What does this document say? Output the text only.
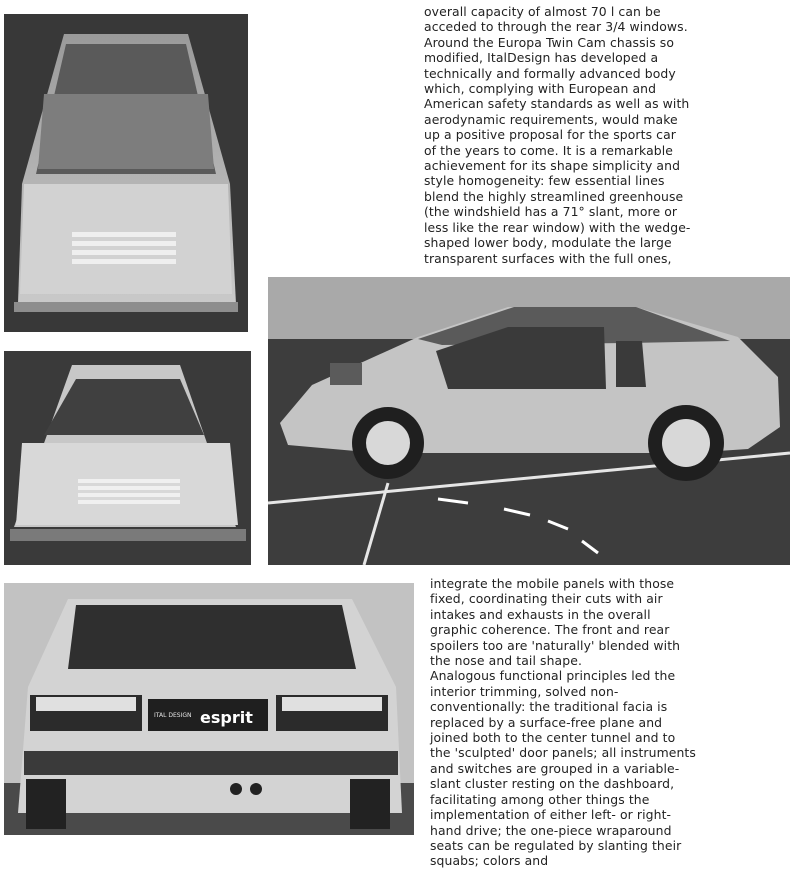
ITAL DESIGN esprit

overall capacity of almost 70 l can be acceded to through the rear 3/4 windows.

Around the Europa Twin Cam chassis so modified, ItalDesign has developed a technically and formally advanced body which, complying with European and American safety standards as well as with aerodynamic requirements, would make up a positive proposal for the sports car of the years to come. It is a remarkable achievement for its shape simplicity and style homogeneity: few essential lines blend the highly streamlined greenhouse (the windshield has a 71° slant, more or less like the rear window) with the wedge-shaped lower body, modulate the large transparent surfaces with the full ones,

integrate the mobile panels with those fixed, coordinating their cuts with air intakes and exhausts in the overall graphic coherence. The front and rear spoilers too are 'naturally' blended with the nose and tail shape.

Analogous functional principles led the interior trimming, solved non-conventionally: the traditional facia is replaced by a surface-free plane and joined both to the center tunnel and to the 'sculpted' door panels; all instruments and switches are grouped in a variable-slant cluster resting on the dashboard, facilitating among other things the implementation of either left- or right-hand drive; the one-piece wraparound seats can be regulated by slanting their squabs; colors and
